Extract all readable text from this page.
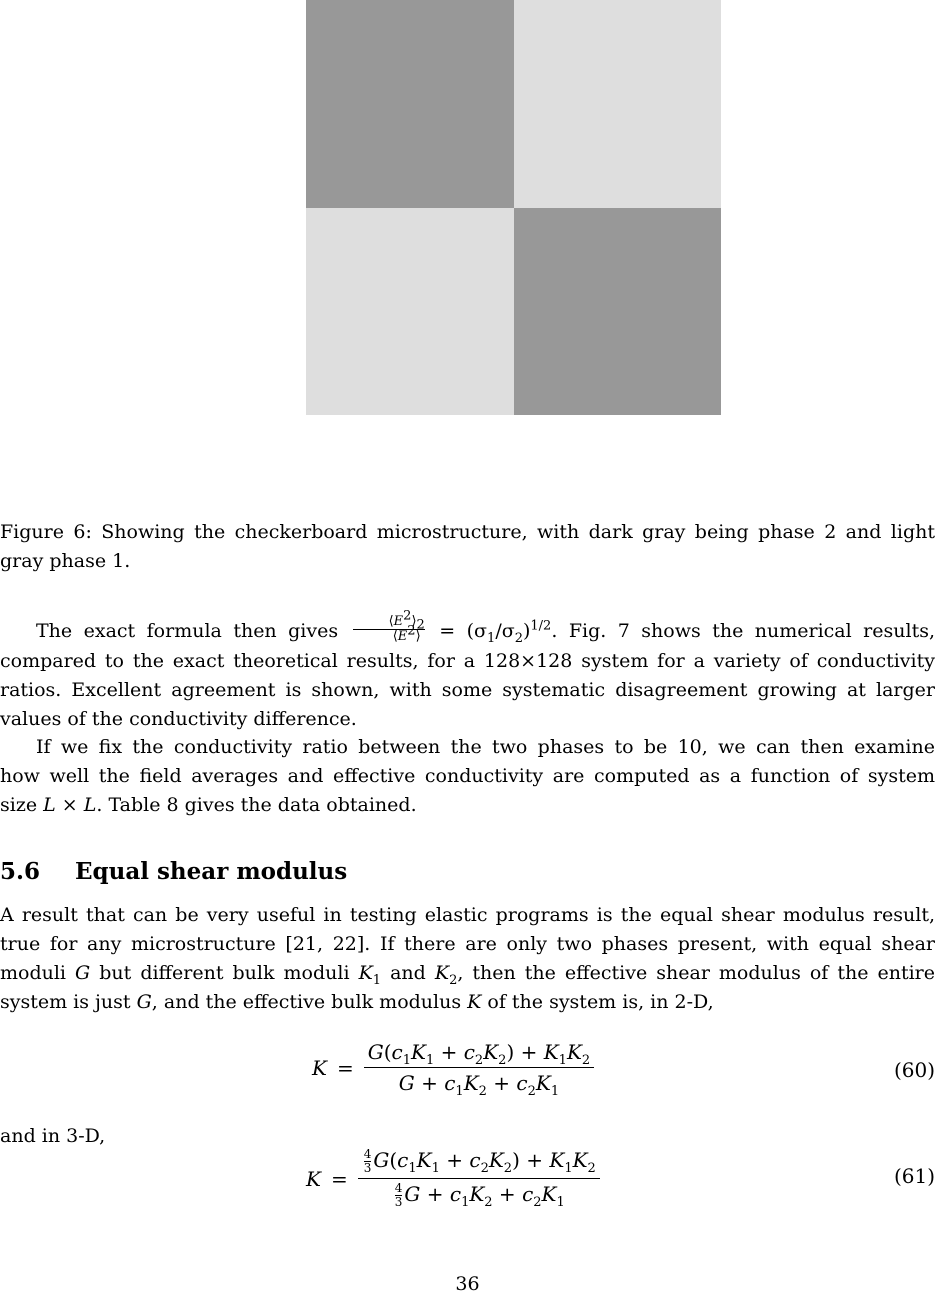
Figure 6: Showing the checkerboard microstructure, with dark gray being phase 2 and light

gray phase 1.

The exact formula then gives $\frac{⟨E^2⟩_2}{⟨E^2⟩} = (\sigma_1/\sigma_2)^{1/2}$. Fig. 7 shows the numerical results,

compared to the exact theoretical results, for a 128×128 system for a variety of conductivity

ratios. Excellent agreement is shown, with some systematic disagreement growing at larger

values of the conductivity difference.

If we fix the conductivity ratio between the two phases to be 10, we can then examine

how well the field averages and effective conductivity are computed as a function of system

size L × L. Table 8 gives the data obtained.

5.6 Equal shear modulus

A result that can be very useful in testing elastic programs is the equal shear modulus result,

true for any microstructure [21, 22]. If there are only two phases present, with equal shear

moduli G but different bulk moduli $K_1$ and $K_2$, then the effective shear modulus of the entire

system is just G, and the effective bulk modulus K of the system is, in 2-D,

$K = \frac{G(c_1K_1 + c_2K_2) + K_1K_2}{G + c_1K_2 + c_2K_1}$	(60)
and in 3-D,
$K = \frac{\frac{4}{3} G(c_1K_1 + c_2K_2) + K_1K_2}{\frac{4}{3} G + c_1K_2 + c_2K_1}$	(61)
36
